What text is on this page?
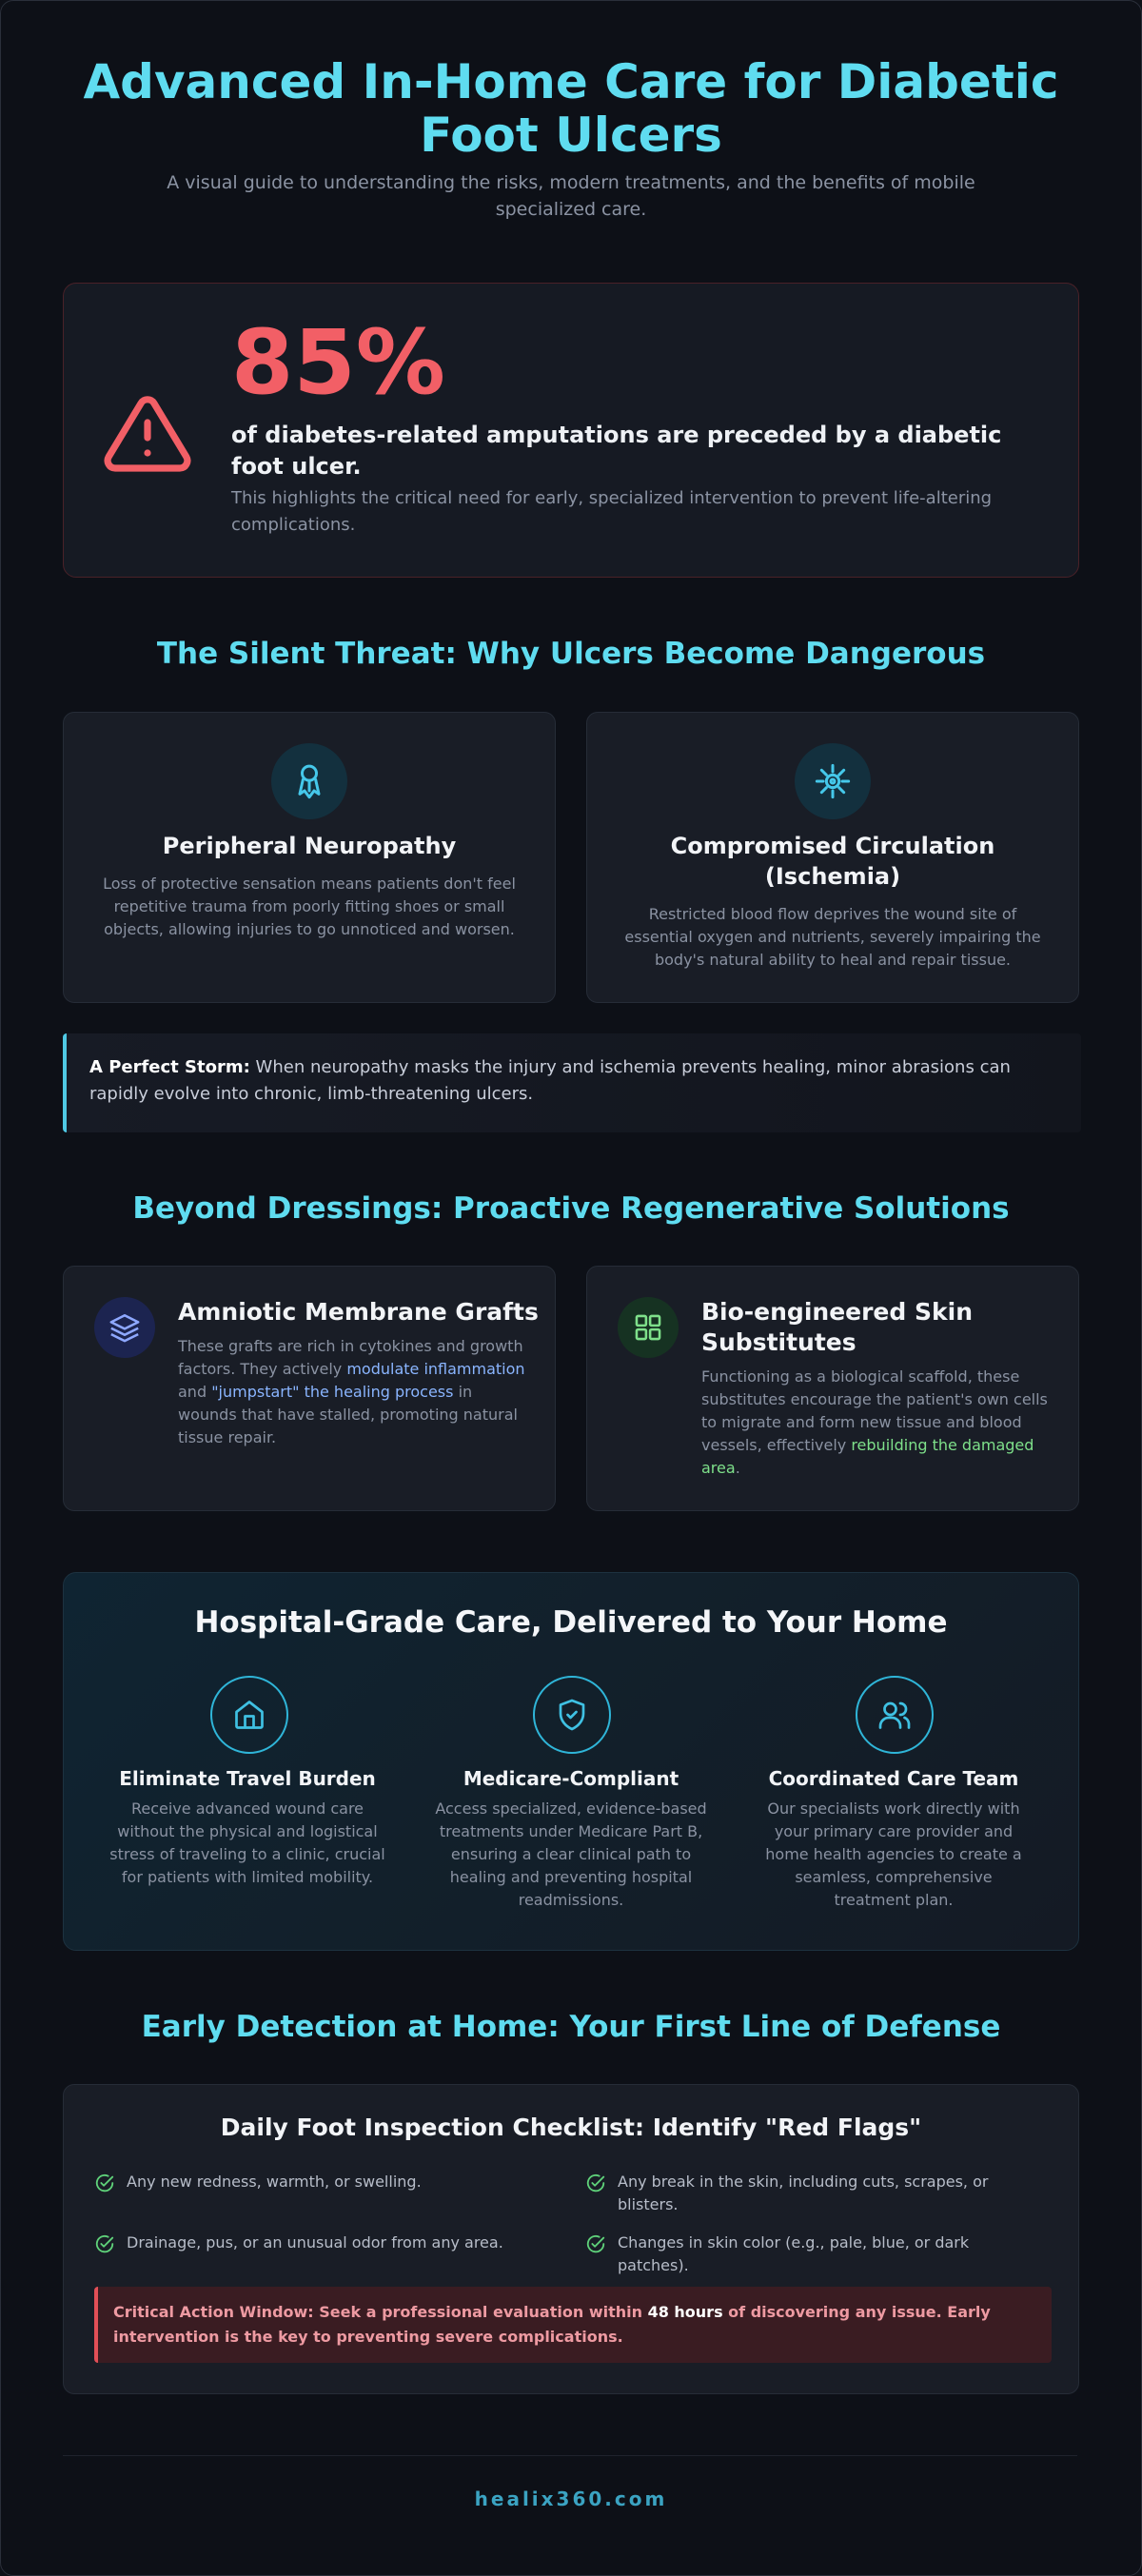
Advanced In-Home Care for Diabetic Foot Ulcers
A visual guide to understanding the risks, modern treatments, and the benefits of mobile specialized care.
85%
of diabetes-related amputations are preceded by a diabetic foot ulcer.
This highlights the critical need for early, specialized intervention to prevent life-altering complications.
The Silent Threat: Why Ulcers Become Dangerous
Peripheral Neuropathy
Loss of protective sensation means patients don't feel repetitive trauma from poorly fitting shoes or small objects, allowing injuries to go unnoticed and worsen.
Compromised Circulation (Ischemia)
Restricted blood flow deprives the wound site of essential oxygen and nutrients, severely impairing the body's natural ability to heal and repair tissue.
A Perfect Storm: When neuropathy masks the injury and ischemia prevents healing, minor abrasions can rapidly evolve into chronic, limb-threatening ulcers.
Beyond Dressings: Proactive Regenerative Solutions
Amniotic Membrane Grafts
These grafts are rich in cytokines and growth factors. They actively modulate inflammation and "jumpstart" the healing process in wounds that have stalled, promoting natural tissue repair.
Bio-engineered Skin Substitutes
Functioning as a biological scaffold, these substitutes encourage the patient's own cells to migrate and form new tissue and blood vessels, effectively rebuilding the damaged area.
Hospital-Grade Care, Delivered to Your Home
Eliminate Travel Burden
Receive advanced wound care without the physical and logistical stress of traveling to a clinic, crucial for patients with limited mobility.
Medicare-Compliant
Access specialized, evidence-based treatments under Medicare Part B, ensuring a clear clinical path to healing and preventing hospital readmissions.
Coordinated Care Team
Our specialists work directly with your primary care provider and home health agencies to create a seamless, comprehensive treatment plan.
Early Detection at Home: Your First Line of Defense
Daily Foot Inspection Checklist: Identify "Red Flags"
Any new redness, warmth, or swelling.	Any break in the skin, including cuts, scrapes, or blisters.
Drainage, pus, or an unusual odor from any area.	Changes in skin color (e.g., pale, blue, or dark patches).
Critical Action Window: Seek a professional evaluation within 48 hours of discovering any issue. Early intervention is the key to preventing severe complications.
healix360.com
